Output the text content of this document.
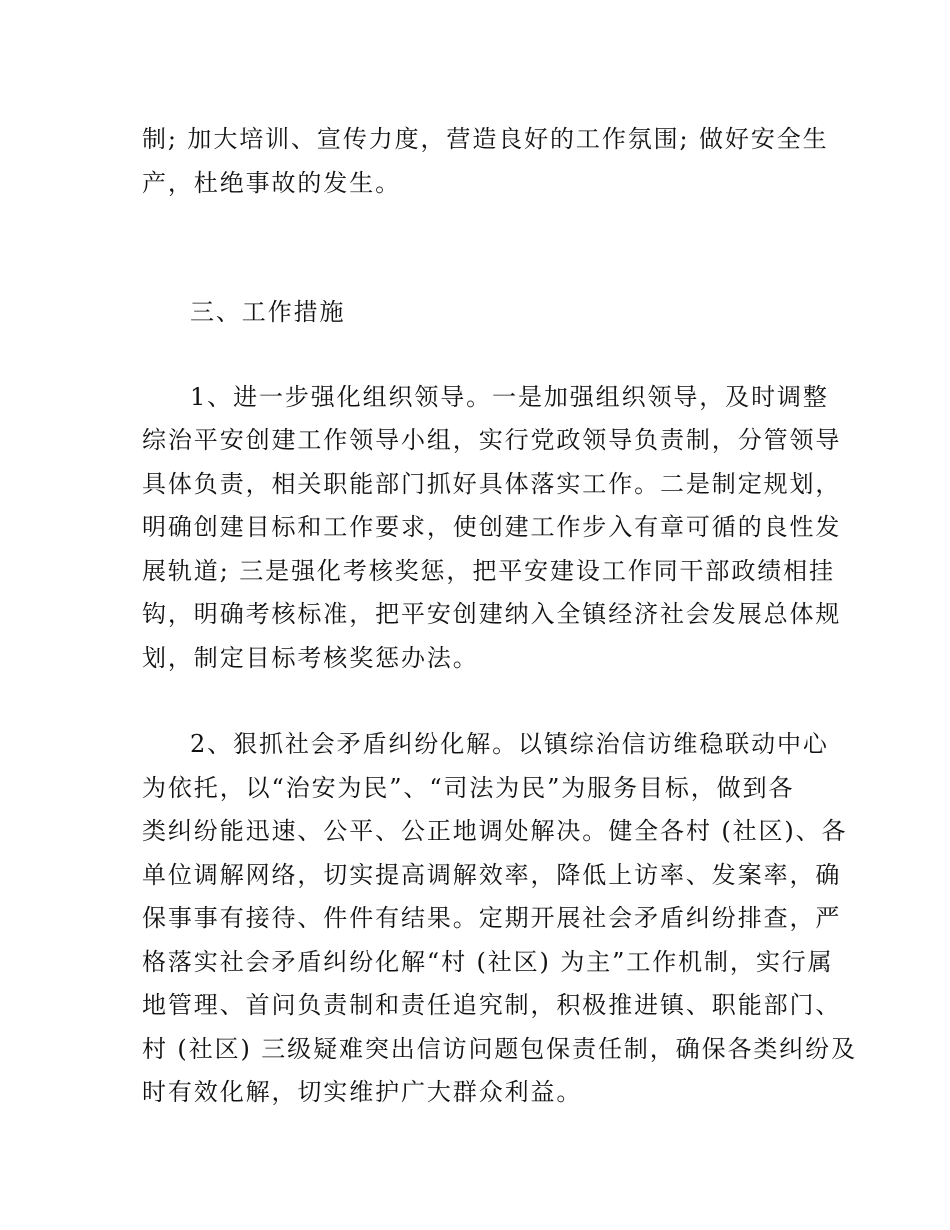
制; 加大培训、宣传力度，营造良好的工作氛围; 做好安全生
产，杜绝事故的发生。
三、工作措施
1、进一步强化组织领导。一是加强组织领导，及时调整
综治平安创建工作领导小组，实行党政领导负责制，分管领导
具体负责，相关职能部门抓好具体落实工作。二是制定规划，
明确创建目标和工作要求，使创建工作步入有章可循的良性发
展轨道; 三是强化考核奖惩，把平安建设工作同干部政绩相挂
钩，明确考核标准，把平安创建纳入全镇经济社会发展总体规
划，制定目标考核奖惩办法。
2、狠抓社会矛盾纠纷化解。以镇综治信访维稳联动中心
为依托，以“治安为民”、“司法为民”为服务目标，做到各
类纠纷能迅速、公平、公正地调处解决。健全各村 (社区)、各
单位调解网络，切实提高调解效率，降低上访率、发案率，确
保事事有接待、件件有结果。定期开展社会矛盾纠纷排查，严
格落实社会矛盾纠纷化解“村 (社区) 为主”工作机制，实行属
地管理、首问负责制和责任追究制，积极推进镇、职能部门、
村 (社区) 三级疑难突出信访问题包保责任制，确保各类纠纷及
时有效化解，切实维护广大群众利益。
